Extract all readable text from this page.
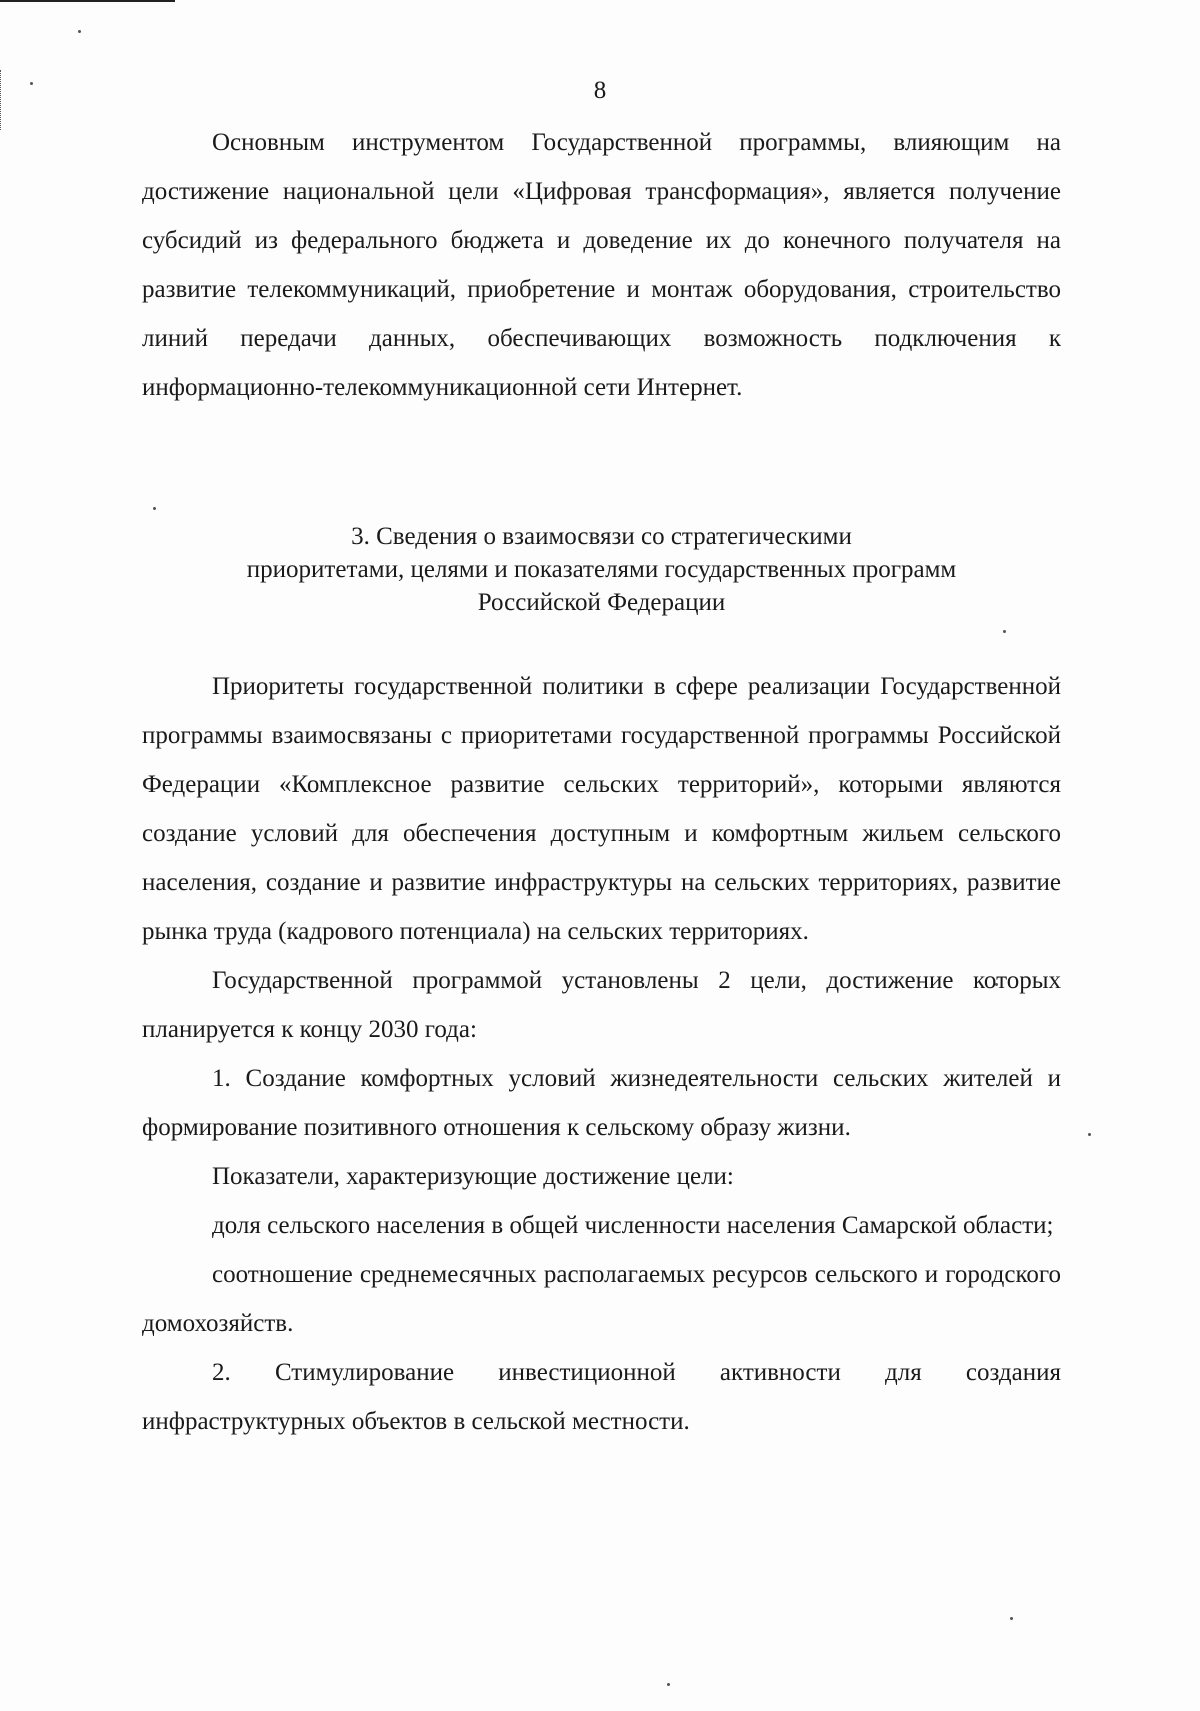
8

Основным инструментом Государственной программы, влияющим на достижение национальной цели «Цифровая трансформация», является получение субсидий из федерального бюджета и доведение их до конечного получателя на развитие телекоммуникаций, приобретение и монтаж оборудования, строительство линий передачи данных, обеспечивающих возможность подключения к информационно-телекоммуникационной сети Интернет.

3. Сведения о взаимосвязи со стратегическими
приоритетами, целями и показателями государственных программ
Российской Федерации

Приоритеты государственной политики в сфере реализации Государственной программы взаимосвязаны с приоритетами государственной программы Российской Федерации «Комплексное развитие сельских территорий», которыми являются создание условий для обеспечения доступным и комфортным жильем сельского населения, создание и развитие инфраструктуры на сельских территориях, развитие рынка труда (кадрового потенциала) на сельских территориях.

Государственной программой установлены 2 цели, достижение которых планируется к концу 2030 года:

1. Создание комфортных условий жизнедеятельности сельских жителей и формирование позитивного отношения к сельскому образу жизни.

Показатели, характеризующие достижение цели:

доля сельского населения в общей численности населения Самарской области;

соотношение среднемесячных располагаемых ресурсов сельского и городского домохозяйств.

2. Стимулирование инвестиционной активности для создания инфраструктурных объектов в сельской местности.
